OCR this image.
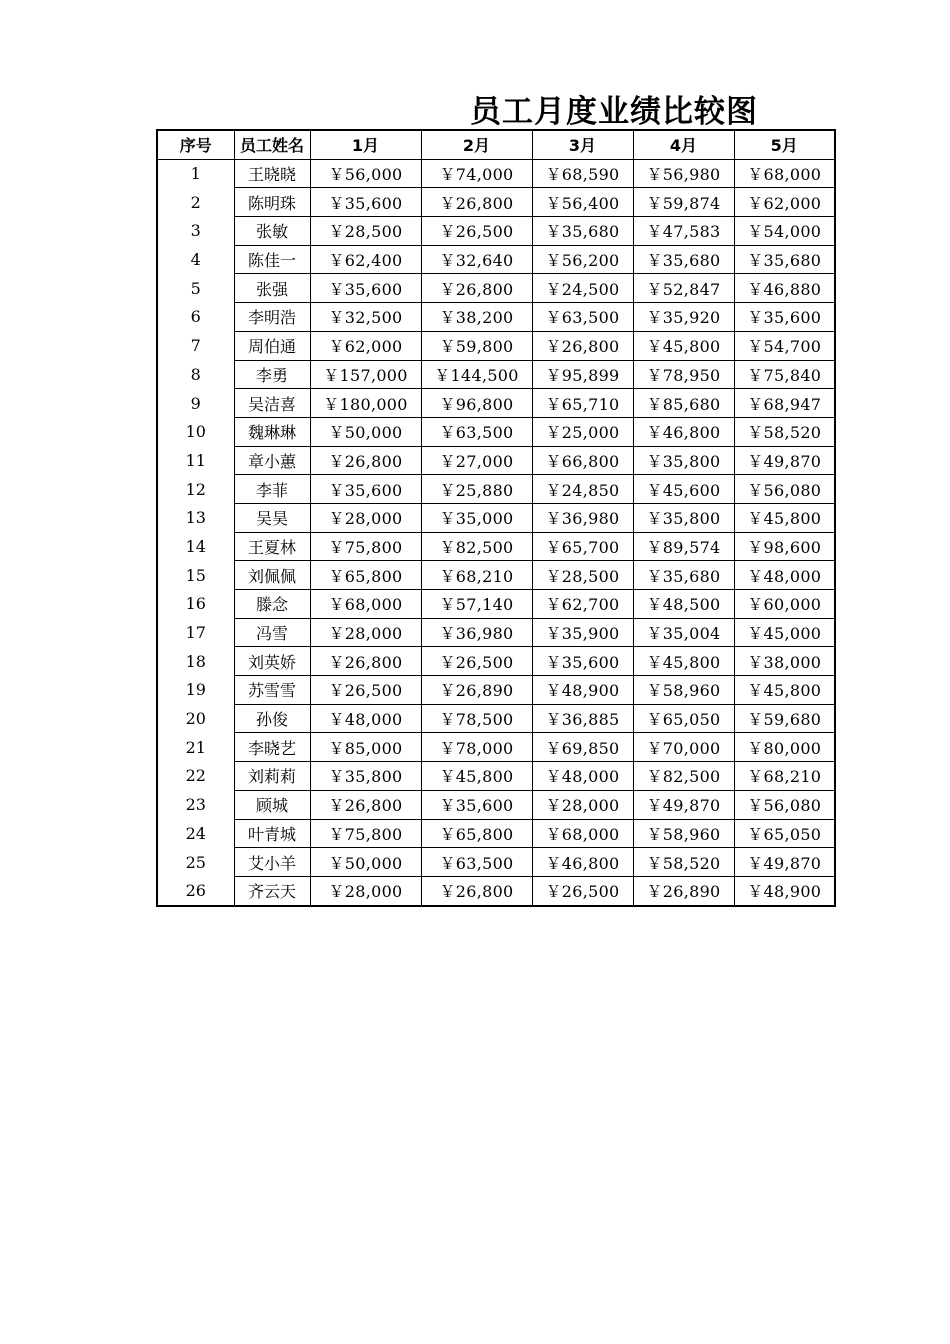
员工月度业绩比较图
序号	员工姓名	1月	2月	3月	4月	5月
1	王晓晓	￥56,000	￥74,000	￥68,590	￥56,980	￥68,000
2	陈明珠	￥35,600	￥26,800	￥56,400	￥59,874	￥62,000
3	张敏	￥28,500	￥26,500	￥35,680	￥47,583	￥54,000
4	陈佳一	￥62,400	￥32,640	￥56,200	￥35,680	￥35,680
5	张强	￥35,600	￥26,800	￥24,500	￥52,847	￥46,880
6	李明浩	￥32,500	￥38,200	￥63,500	￥35,920	￥35,600
7	周伯通	￥62,000	￥59,800	￥26,800	￥45,800	￥54,700
8	李勇	￥157,000	￥144,500	￥95,899	￥78,950	￥75,840
9	吴洁喜	￥180,000	￥96,800	￥65,710	￥85,680	￥68,947
10	魏琳琳	￥50,000	￥63,500	￥25,000	￥46,800	￥58,520
11	章小蕙	￥26,800	￥27,000	￥66,800	￥35,800	￥49,870
12	李菲	￥35,600	￥25,880	￥24,850	￥45,600	￥56,080
13	吴昊	￥28,000	￥35,000	￥36,980	￥35,800	￥45,800
14	王夏林	￥75,800	￥82,500	￥65,700	￥89,574	￥98,600
15	刘佩佩	￥65,800	￥68,210	￥28,500	￥35,680	￥48,000
16	滕念	￥68,000	￥57,140	￥62,700	￥48,500	￥60,000
17	冯雪	￥28,000	￥36,980	￥35,900	￥35,004	￥45,000
18	刘英娇	￥26,800	￥26,500	￥35,600	￥45,800	￥38,000
19	苏雪雪	￥26,500	￥26,890	￥48,900	￥58,960	￥45,800
20	孙俊	￥48,000	￥78,500	￥36,885	￥65,050	￥59,680
21	李晓艺	￥85,000	￥78,000	￥69,850	￥70,000	￥80,000
22	刘莉莉	￥35,800	￥45,800	￥48,000	￥82,500	￥68,210
23	顾城	￥26,800	￥35,600	￥28,000	￥49,870	￥56,080
24	叶青城	￥75,800	￥65,800	￥68,000	￥58,960	￥65,050
25	艾小羊	￥50,000	￥63,500	￥46,800	￥58,520	￥49,870
26	齐云天	￥28,000	￥26,800	￥26,500	￥26,890	￥48,900
